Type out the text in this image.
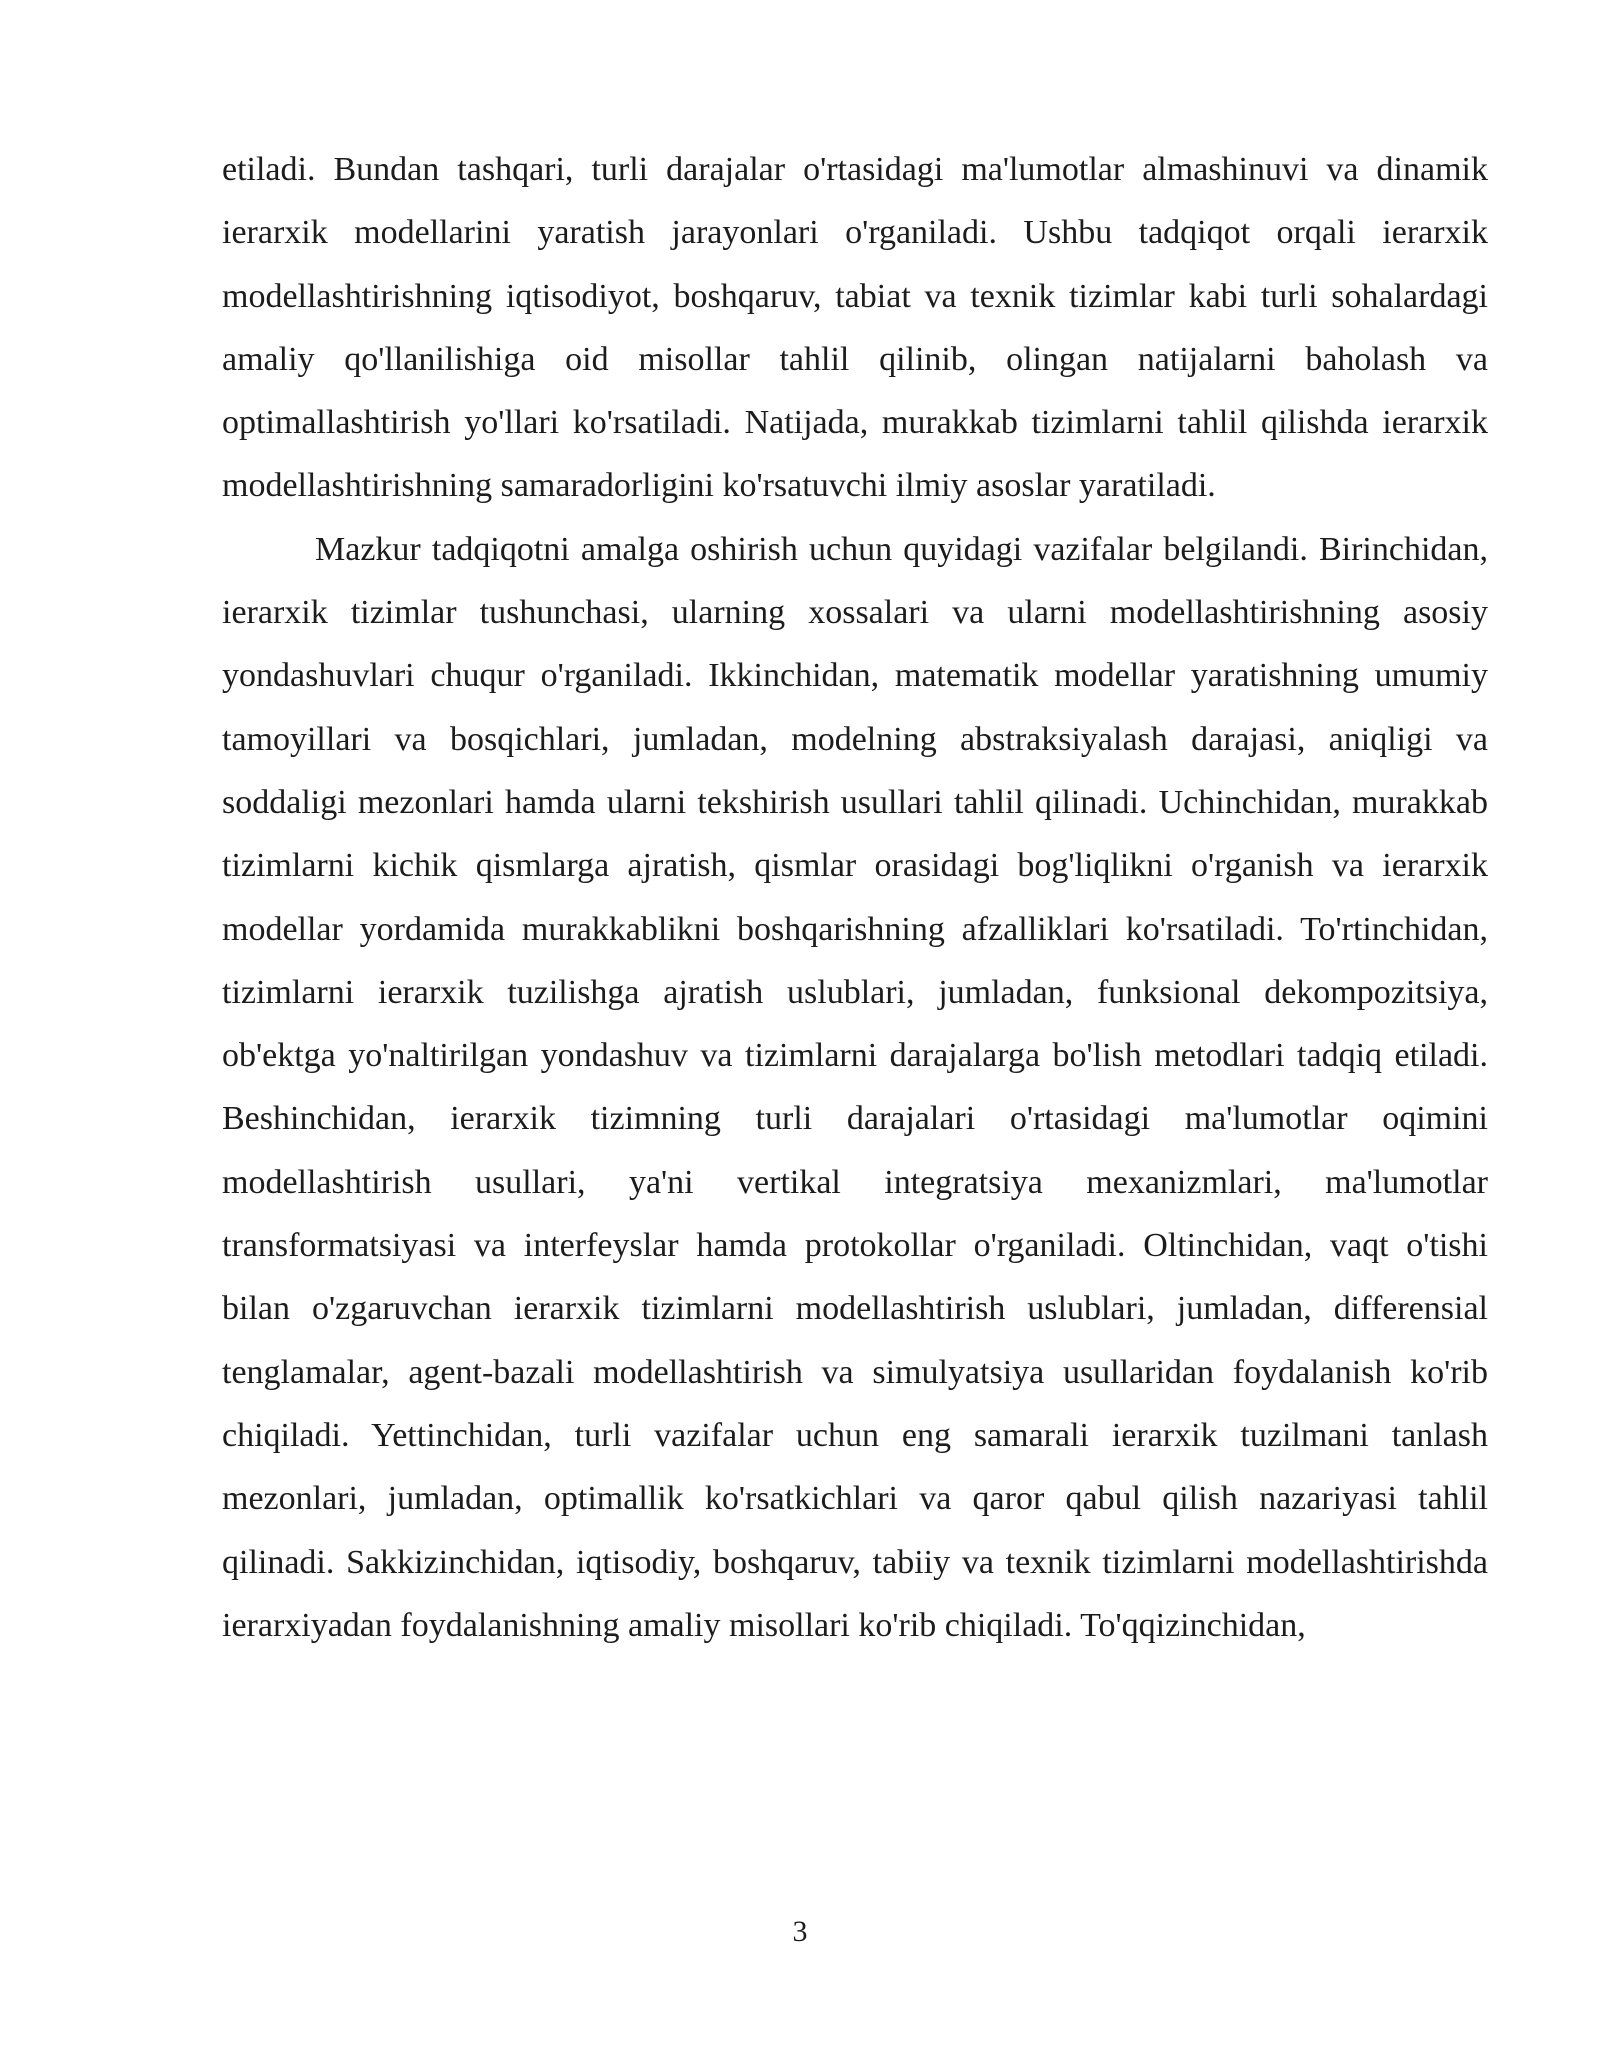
etiladi. Bundan tashqari, turli darajalar o'rtasidagi ma'lumotlar almashinuvi va dinamik ierarxik modellarini yaratish jarayonlari o'rganiladi. Ushbu tadqiqot orqali ierarxik modellashtirishning iqtisodiyot, boshqaruv, tabiat va texnik tizimlar kabi turli sohalardagi amaliy qo'llanilishiga oid misollar tahlil qilinib, olingan natijalarni baholash va optimallashtirish yo'llari ko'rsatiladi. Natijada, murakkab tizimlarni tahlil qilishda ierarxik modellashtirishning samaradorligini ko'rsatuvchi ilmiy asoslar yaratiladi.

Mazkur tadqiqotni amalga oshirish uchun quyidagi vazifalar belgilandi. Birinchidan, ierarxik tizimlar tushunchasi, ularning xossalari va ularni modellashtirishning asosiy yondashuvlari chuqur o'rganiladi. Ikkinchidan, matematik modellar yaratishning umumiy tamoyillari va bosqichlari, jumladan, modelning abstraksiyalash darajasi, aniqligi va soddaligi mezonlari hamda ularni tekshirish usullari tahlil qilinadi. Uchinchidan, murakkab tizimlarni kichik qismlarga ajratish, qismlar orasidagi bog'liqlikni o'rganish va ierarxik modellar yordamida murakkablikni boshqarishning afzalliklari ko'rsatiladi. To'rtinchidan, tizimlarni ierarxik tuzilishga ajratish uslublari, jumladan, funksional dekompozitsiya, ob'ektga yo'naltirilgan yondashuv va tizimlarni darajalarga bo'lish metodlari tadqiq etiladi. Beshinchidan, ierarxik tizimning turli darajalari o'rtasidagi ma'lumotlar oqimini modellashtirish usullari, ya'ni vertikal integratsiya mexanizmlari, ma'lumotlar transformatsiyasi va interfeyslar hamda protokollar o'rganiladi. Oltinchidan, vaqt o'tishi bilan o'zgaruvchan ierarxik tizimlarni modellashtirish uslublari, jumladan, differensial tenglamalar, agent-bazali modellashtirish va simulyatsiya usullaridan foydalanish ko'rib chiqiladi. Yettinchidan, turli vazifalar uchun eng samarali ierarxik tuzilmani tanlash mezonlari, jumladan, optimallik ko'rsatkichlari va qaror qabul qilish nazariyasi tahlil qilinadi. Sakkizinchidan, iqtisodiy, boshqaruv, tabiiy va texnik tizimlarni modellashtirishda ierarxiyadan foydalanishning amaliy misollari ko'rib chiqiladi. To'qqizinchidan,

3
